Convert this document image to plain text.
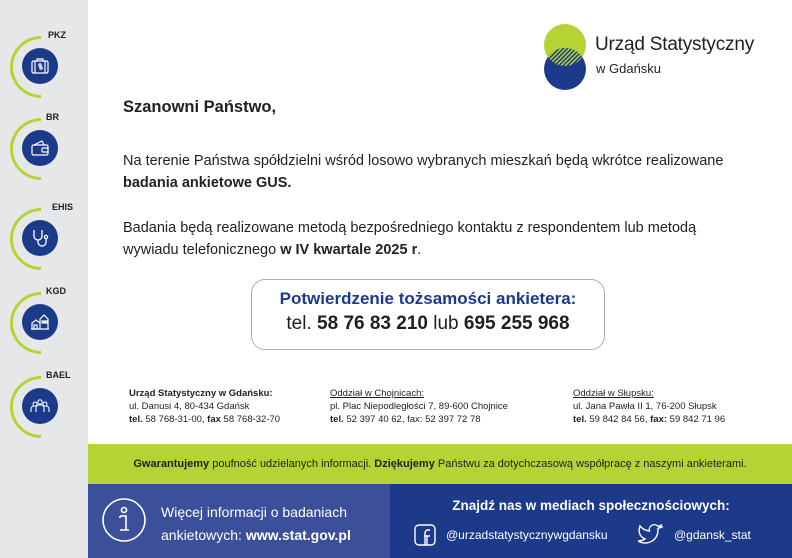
PKZ
BR
EHIS
KGD
BAEL
Urząd Statystyczny
w Gdańsku
Szanowni Państwo,
Na terenie Państwa spółdzielni wśród losowo wybranych mieszkań będą wkrótce realizowane badania ankietowe GUS.
Badania będą realizowane metodą bezpośredniego kontaktu z respondentem lub metodą wywiadu telefonicznego w IV kwartale 2025 r.
Potwierdzenie tożsamości ankietera:
tel. 58 76 83 210 lub 695 255 968
Urząd Statystyczny w Gdańsku:
ul. Danusi 4, 80-434 Gdańsk
tel. 58 768-31-00, fax 58 768-32-70
Oddział w Chojnicach:
pl. Plac Niepodległości 7, 89-600 Chojnice
tel. 52 397 40 62, fax: 52 397 72 78
Oddział w Słupsku:
ul. Jana Pawła II 1, 76-200 Słupsk
tel. 59 842 84 56, fax: 59 842 71 96
Gwarantujemy poufność udzielanych informacji. Dziękujemy Państwu za dotychczasową współpracę z naszymi ankieterami.
Więcej informacji o badaniach
ankietowych: www.stat.gov.pl
Znajdź nas w mediach społecznościowych:
@urzadstatystycznywgdansku	@gdansk_stat
